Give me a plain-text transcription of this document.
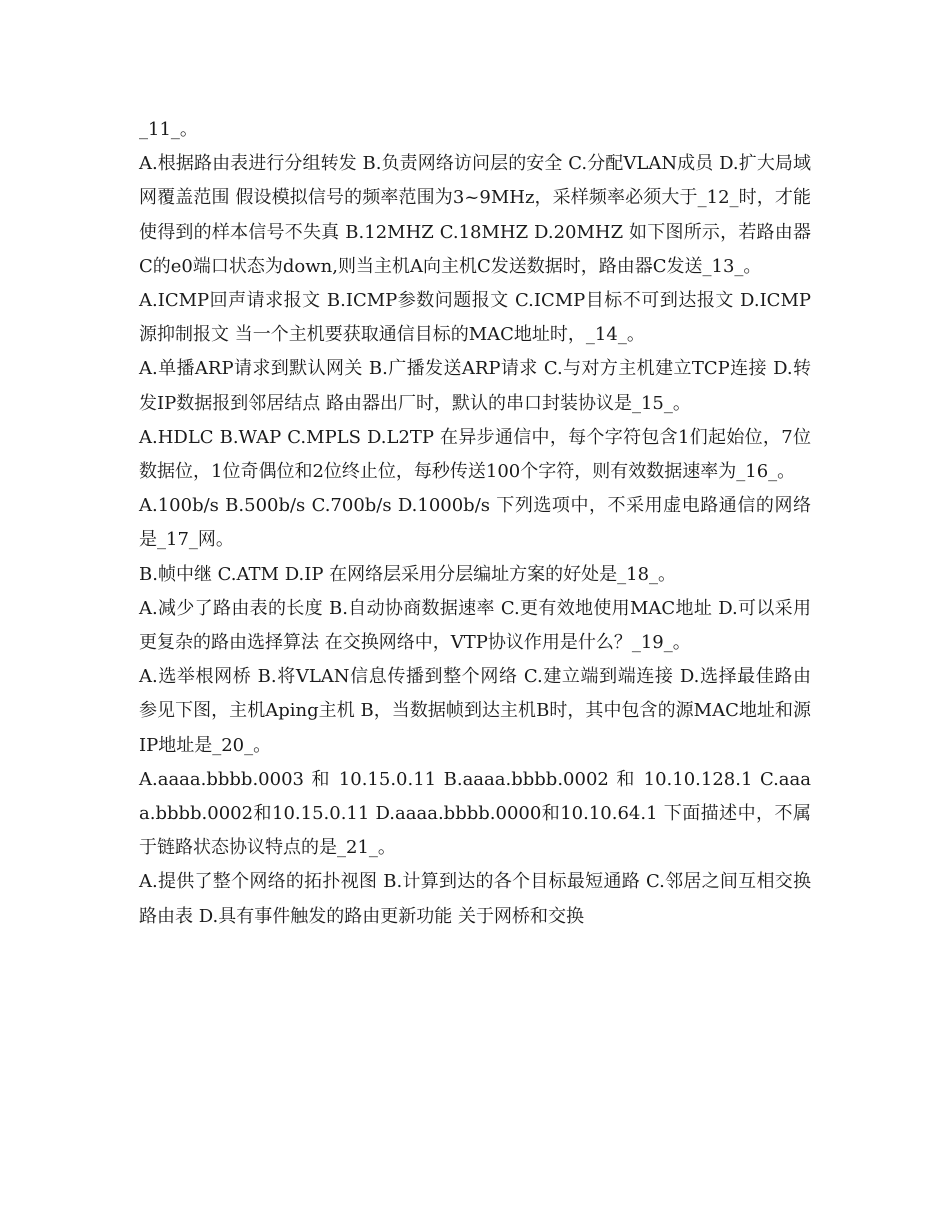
_11_。

A.根据路由表进行分组转发 B.负责网络访问层的安全 C.分配VLAN成员 D.扩大局域网覆盖范围 假设模拟信号的频率范围为3~9MHz，采样频率必须大于_12_时，才能使得到的样本信号不失真 B.12MHZ C.18MHZ D.20MHZ 如下图所示，若路由器C的e0端口状态为down,则当主机A向主机C发送数据时，路由器C发送_13_。

A.ICMP回声请求报文 B.ICMP参数问题报文 C.ICMP目标不可到达报文 D.ICMP源抑制报文 当一个主机要获取通信目标的MAC地址时，_14_。

A.单播ARP请求到默认网关 B.广播发送ARP请求 C.与对方主机建立TCP连接 D.转发IP数据报到邻居结点 路由器出厂时，默认的串口封装协议是_15_。

A.HDLC B.WAP C.MPLS D.L2TP 在异步通信中，每个字符包含1们起始位，7位数据位，1位奇偶位和2位终止位，每秒传送100个字符，则有效数据速率为_16_。

A.100b/s B.500b/s C.700b/s D.1000b/s 下列选项中，不采用虚电路通信的网络是_17_网。

B.帧中继 C.ATM D.IP 在网络层采用分层编址方案的好处是_18_。

A.减少了路由表的长度 B.自动协商数据速率 C.更有效地使用MAC地址 D.可以采用更复杂的路由选择算法 在交换网络中，VTP协议作用是什么？_19_。

A.选举根网桥 B.将VLAN信息传播到整个网络 C.建立端到端连接 D.选择最佳路由 参见下图，主机Aping主机 B，当数据帧到达主机B时，其中包含的源MAC地址和源IP地址是_20_。

A.aaaa.bbbb.0003 和 10.15.0.11 B.aaaa.bbbb.0002 和 10.10.128.1 C.aaaa.bbbb.0002和10.15.0.11 D.aaaa.bbbb.0000和10.10.64.1 下面描述中，不属于链路状态协议特点的是_21_。

A.提供了整个网络的拓扑视图 B.计算到达的各个目标最短通路 C.邻居之间互相交换路由表 D.具有事件触发的路由更新功能 关于网桥和交换
